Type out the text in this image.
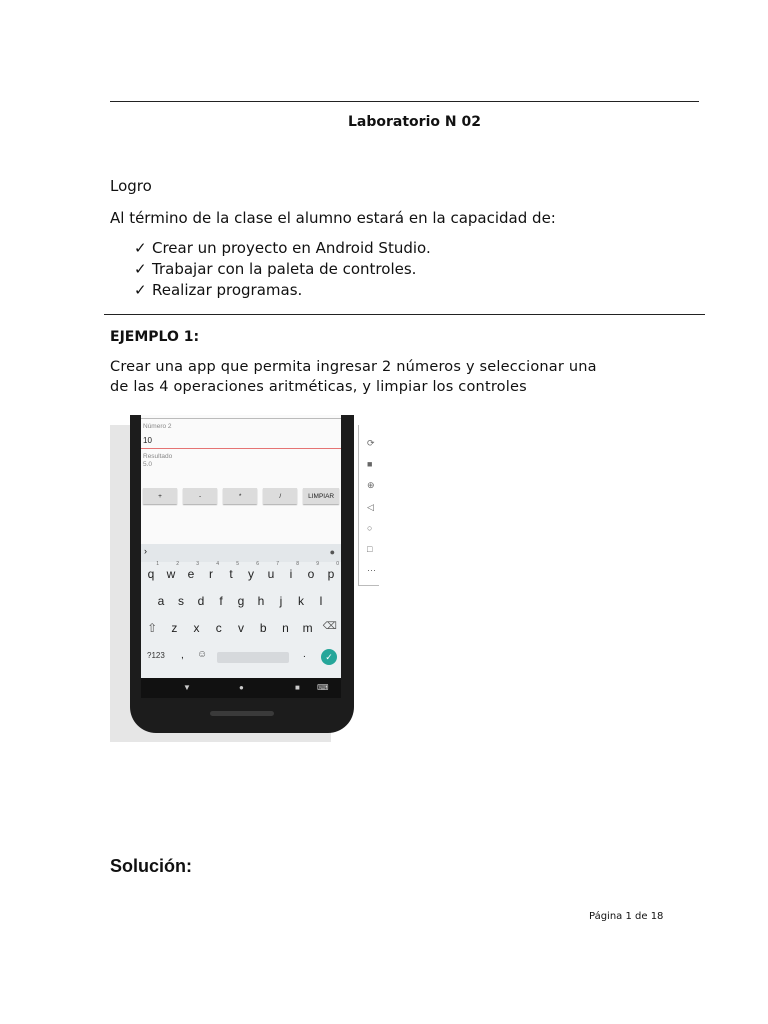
Laboratorio N 02
Logro
Al término de la clase el alumno estará en la capacidad de:
✓ Crear un proyecto en Android Studio.
✓ Trabajar con la paleta de controles.
✓ Realizar programas.
EJEMPLO 1:
Crear una app que permita ingresar 2 números y seleccionar una
de las 4 operaciones aritméticas, y limpiar los controles
⟳
■
⊕
◁
○
□
⋯
Número 2
10
Resultado
5.0
+	-	*	/	LIMPIAR
›	●
1
q
2
w
3
e
4
r
5
t
6
y
7
u
8
i
9
o
0
p
a	s	d	f	g	h	j	k	l
⇧	z	x	c	v	b	n	m	⌫
?123 , ☺	.	✓
▼	●	■ ⌨
Solución:
Página 1 de 18
